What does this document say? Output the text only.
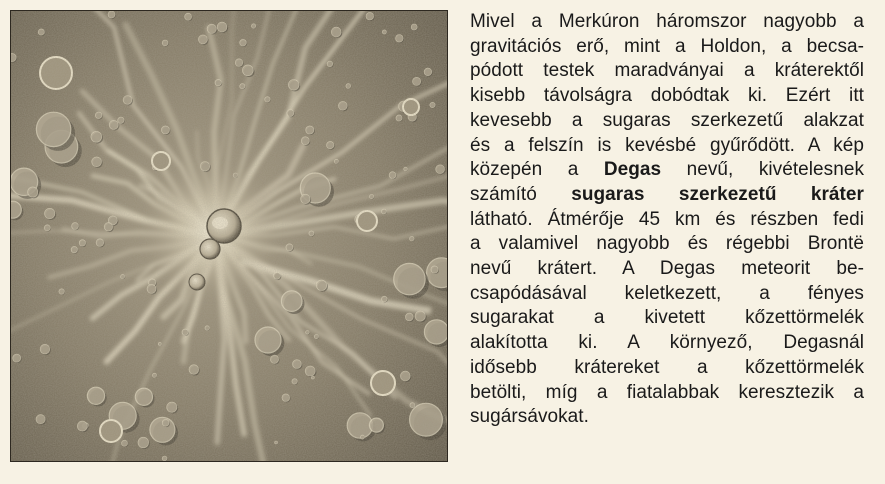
Mivel a Merkúron háromszor nagyobb a
gravitációs erő, mint a Holdon, a becsa-
pódott testek maradványai a kráterektől
kisebb távolságra dobódtak ki. Ezért itt
kevesebb a sugaras szerkezetű alakzat
és a felszín is kevésbé gyűrődött. A kép
közepén a Degas nevű, kivételesnek
számító sugaras szerkezetű kráter
látható. Átmérője 45 km és részben fedi
a valamivel nagyobb és régebbi Brontë
nevű krátert. A Degas meteorit be-
csapódásával keletkezett, a fényes
sugarakat a kivetett kőzettörmelék
alakította ki. A környező, Degasnál
idősebb krátereket a kőzettörmelék
betölti, míg a fiatalabbak keresztezik a
sugársávokat.
